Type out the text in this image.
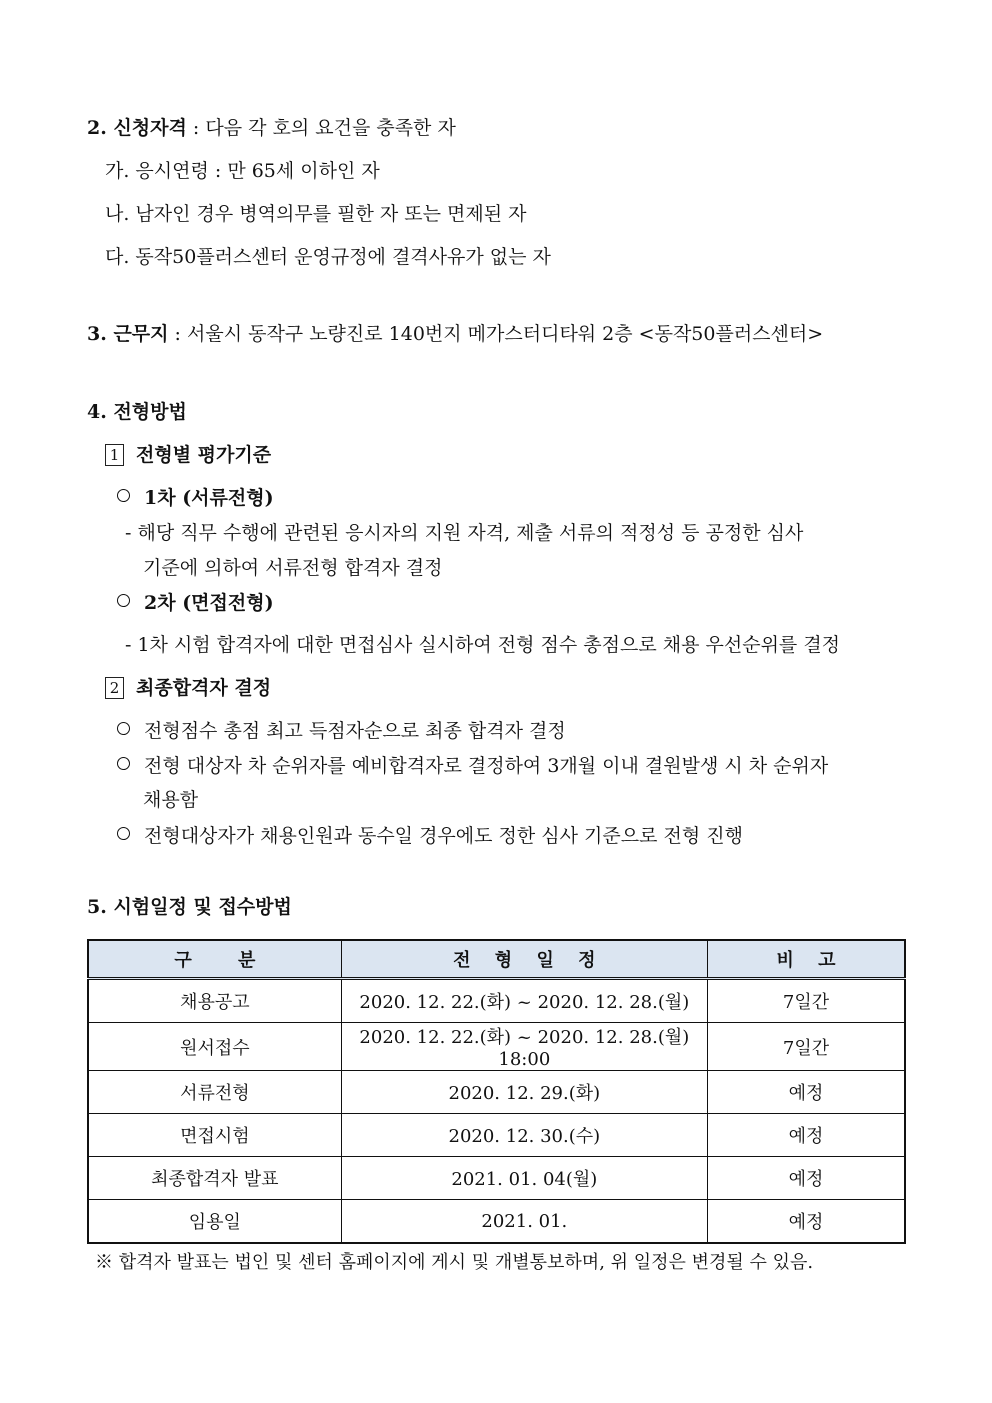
2. 신청자격 : 다음 각 호의 요건을 충족한 자
가. 응시연령 : 만 65세 이하인 자
나. 남자인 경우 병역의무를 필한 자 또는 면제된 자
다. 동작50플러스센터 운영규정에 결격사유가 없는 자
3. 근무지 : 서울시 동작구 노량진로 140번지 메가스터디타워 2층 <동작50플러스센터>
4. 전형방법
1 전형별 평가기준
1차 (서류전형)
- 해당 직무 수행에 관련된 응시자의 지원 자격, 제출 서류의 적정성 등 공정한 심사
기준에 의하여 서류전형 합격자 결정
2차 (면접전형)
- 1차 시험 합격자에 대한 면접심사 실시하여 전형 점수 총점으로 채용 우선순위를 결정
2 최종합격자 결정
전형점수 총점 최고 득점자순으로 최종 합격자 결정
전형 대상자 차 순위자를 예비합격자로 결정하여 3개월 이내 결원발생 시 차 순위자
채용함
전형대상자가 채용인원과 동수일 경우에도 정한 심사 기준으로 전형 진행
5. 시험일정 및 접수방법
구 분	전 형 일 정	비 고
채용공고	2020. 12. 22.(화) ~ 2020. 12. 28.(월)	7일간
원서접수	2020. 12. 22.(화) ~ 2020. 12. 28.(월) 18:00	7일간
서류전형	2020. 12. 29.(화)	예정
면접시험	2020. 12. 30.(수)	예정
최종합격자 발표	2021. 01. 04(월)	예정
임용일	2021. 01.	예정
※ 합격자 발표는 법인 및 센터 홈페이지에 게시 및 개별통보하며, 위 일정은 변경될 수 있음.
